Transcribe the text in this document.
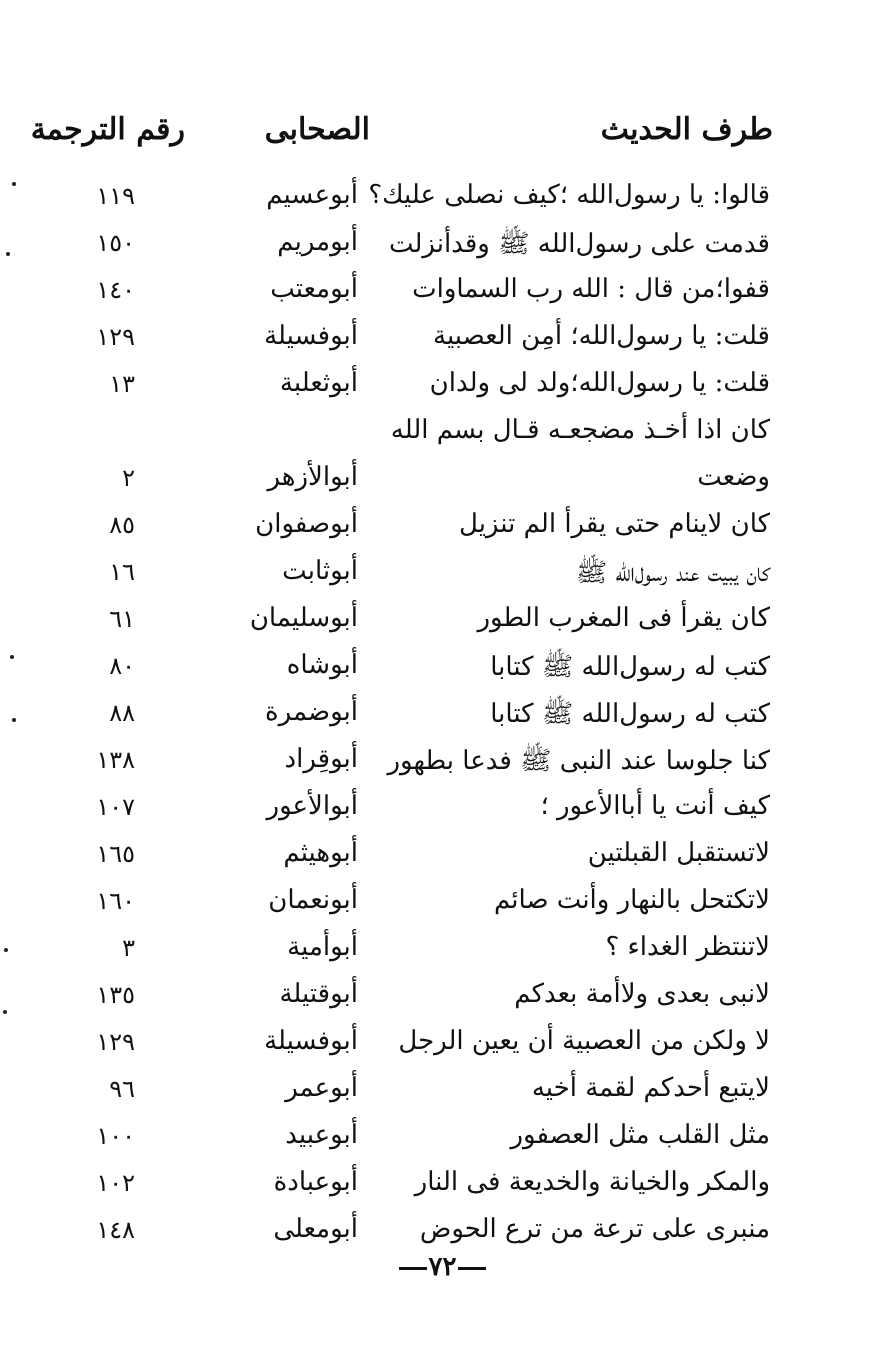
طرف الحديث
الصحابى
رقم الترجمة
قالوا: يا رسول‌الله ؛كيف نصلى عليك؟
أبوعسيم
١١٩
قدمت على رسول‌الله ﷺ وقدأنزلت
أبومريم
١٥٠
قفوا؛من قال : الله رب السماوات
أبومعتب
١٤٠
قلت: يا رسول‌الله؛ أمِن العصبية
أبوفسيلة
١٢٩
قلت: يا رسول‌الله؛ولد لى ولدان
أبوثعلبة
١٣
كان اذا أخـذ مضجعـه قـال بسم الله
وضعت
أبوالأزهر
٢
كان لاينام حتى يقرأ الم تنزيل
أبوصفوان
٨٥
كان يبيت عند رسول‌الله ﷺ
أبوثابت
١٦
كان يقرأ فى المغرب الطور
أبوسليمان
٦١
كتب له رسول‌الله ﷺ كتابا
أبوشاه
٨٠
كتب له رسول‌الله ﷺ كتابا
أبوضمرة
٨٨
كنا جلوسا عند النبى ﷺ فدعا بطهور
أبوقِراد
١٣٨
كيف أنت يا أباالأعور ؛
أبوالأعور
١٠٧
لاتستقبل القبلتين
أبوهيثم
١٦٥
لاتكتحل بالنهار وأنت صائم
أبونعمان
١٦٠
لاتنتظر الغداء ؟
أبوأمية
٣
لانبى بعدى ولاأمة بعدكم
أبوقتيلة
١٣٥
لا ولكن من العصبية أن يعين الرجل
أبوفسيلة
١٢٩
لايتبع أحدكم لقمة أخيه
أبوعمر
٩٦
مثل القلب مثل العصفور
أبوعبيد
١٠٠
والمكر والخيانة والخديعة فى النار
أبوعبادة
١٠٢
منبرى على ترعة من ترع الحوض
أبومعلى
١٤٨
٧٢
